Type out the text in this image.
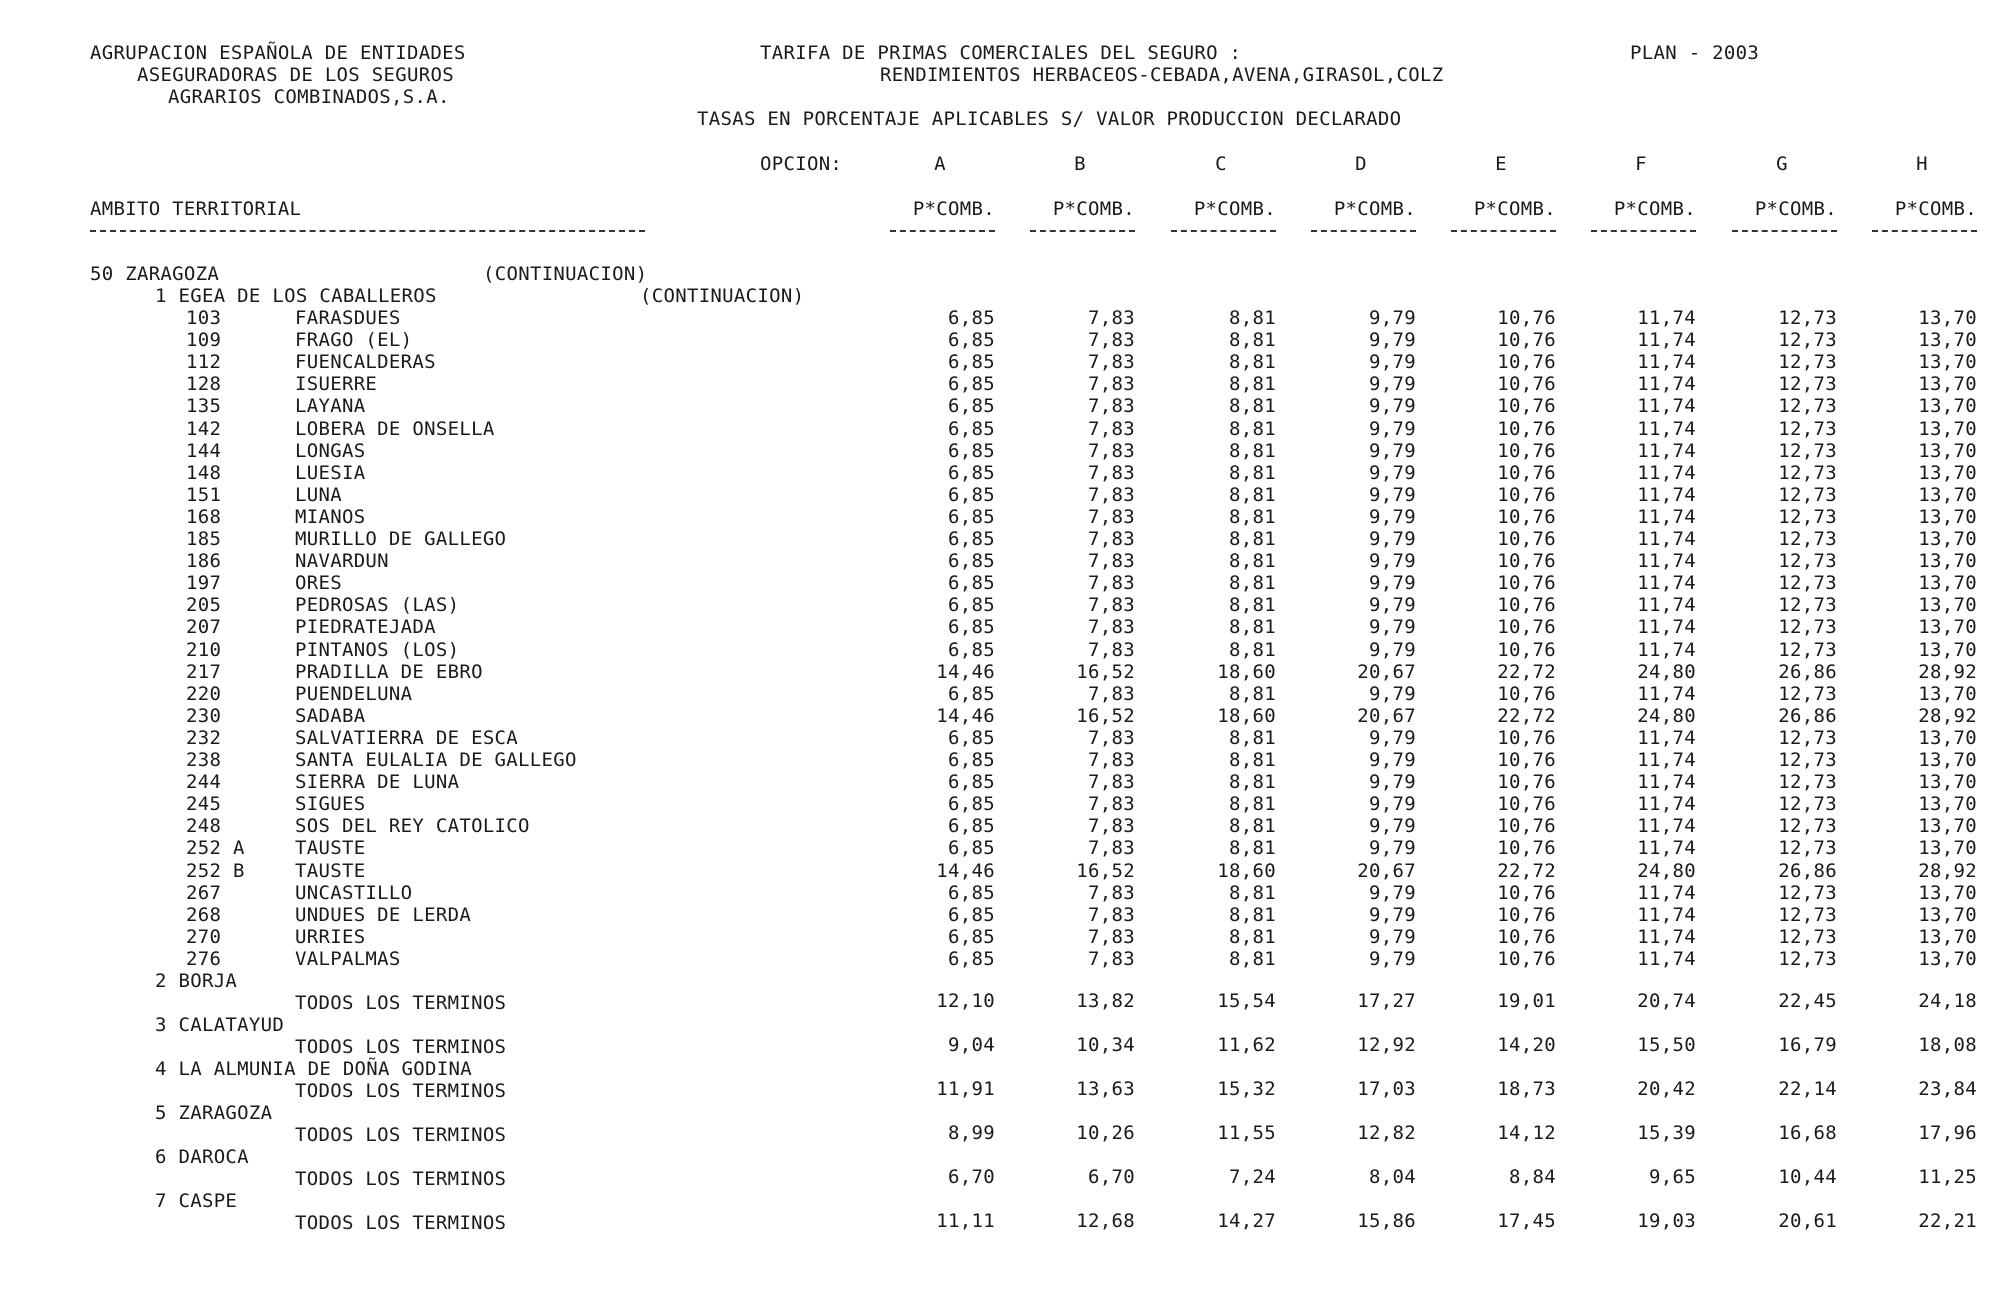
AGRUPACION ESPAÑOLA DE ENTIDADES
ASEGURADORAS DE LOS SEGUROS
AGRARIOS COMBINADOS,S.A.
TARIFA DE PRIMAS COMERCIALES DEL SEGURO :	PLAN - 2003
RENDIMIENTOS HERBACEOS-CEBADA,AVENA,GIRASOL,COLZ
TASAS EN PORCENTAJE APLICABLES S/ VALOR PRODUCCION DECLARADO
OPCION:	A	B	C	D	E	F	G	H
AMBITO TERRITORIAL	P*COMB.	P*COMB.	P*COMB.	P*COMB.	P*COMB.	P*COMB.	P*COMB.	P*COMB.
50 ZARAGOZA	(CONTINUACION)
1 EGEA DE LOS CABALLEROS	(CONTINUACION)
103	FARASDUES	6,85	7,83	8,81	9,79	10,76	11,74	12,73	13,70
109	FRAGO (EL)	6,85	7,83	8,81	9,79	10,76	11,74	12,73	13,70
112	FUENCALDERAS	6,85	7,83	8,81	9,79	10,76	11,74	12,73	13,70
128	ISUERRE	6,85	7,83	8,81	9,79	10,76	11,74	12,73	13,70
135	LAYANA	6,85	7,83	8,81	9,79	10,76	11,74	12,73	13,70
142	LOBERA DE ONSELLA	6,85	7,83	8,81	9,79	10,76	11,74	12,73	13,70
144	LONGAS	6,85	7,83	8,81	9,79	10,76	11,74	12,73	13,70
148	LUESIA	6,85	7,83	8,81	9,79	10,76	11,74	12,73	13,70
151	LUNA	6,85	7,83	8,81	9,79	10,76	11,74	12,73	13,70
168	MIANOS	6,85	7,83	8,81	9,79	10,76	11,74	12,73	13,70
185	MURILLO DE GALLEGO	6,85	7,83	8,81	9,79	10,76	11,74	12,73	13,70
186	NAVARDUN	6,85	7,83	8,81	9,79	10,76	11,74	12,73	13,70
197	ORES	6,85	7,83	8,81	9,79	10,76	11,74	12,73	13,70
205	PEDROSAS (LAS)	6,85	7,83	8,81	9,79	10,76	11,74	12,73	13,70
207	PIEDRATEJADA	6,85	7,83	8,81	9,79	10,76	11,74	12,73	13,70
210	PINTANOS (LOS)	6,85	7,83	8,81	9,79	10,76	11,74	12,73	13,70
217	PRADILLA DE EBRO	14,46	16,52	18,60	20,67	22,72	24,80	26,86	28,92
220	PUENDELUNA	6,85	7,83	8,81	9,79	10,76	11,74	12,73	13,70
230	SADABA	14,46	16,52	18,60	20,67	22,72	24,80	26,86	28,92
232	SALVATIERRA DE ESCA	6,85	7,83	8,81	9,79	10,76	11,74	12,73	13,70
238	SANTA EULALIA DE GALLEGO	6,85	7,83	8,81	9,79	10,76	11,74	12,73	13,70
244	SIERRA DE LUNA	6,85	7,83	8,81	9,79	10,76	11,74	12,73	13,70
245	SIGUES	6,85	7,83	8,81	9,79	10,76	11,74	12,73	13,70
248	SOS DEL REY CATOLICO	6,85	7,83	8,81	9,79	10,76	11,74	12,73	13,70
252 A	TAUSTE	6,85	7,83	8,81	9,79	10,76	11,74	12,73	13,70
252 B	TAUSTE	14,46	16,52	18,60	20,67	22,72	24,80	26,86	28,92
267	UNCASTILLO	6,85	7,83	8,81	9,79	10,76	11,74	12,73	13,70
268	UNDUES DE LERDA	6,85	7,83	8,81	9,79	10,76	11,74	12,73	13,70
270	URRIES	6,85	7,83	8,81	9,79	10,76	11,74	12,73	13,70
276	VALPALMAS	6,85	7,83	8,81	9,79	10,76	11,74	12,73	13,70
2 BORJA
TODOS LOS TERMINOS	12,10	13,82	15,54	17,27	19,01	20,74	22,45	24,18
3 CALATAYUD
TODOS LOS TERMINOS	9,04	10,34	11,62	12,92	14,20	15,50	16,79	18,08
4 LA ALMUNIA DE DOÑA GODINA
TODOS LOS TERMINOS	11,91	13,63	15,32	17,03	18,73	20,42	22,14	23,84
5 ZARAGOZA
TODOS LOS TERMINOS	8,99	10,26	11,55	12,82	14,12	15,39	16,68	17,96
6 DAROCA
TODOS LOS TERMINOS	6,70	6,70	7,24	8,04	8,84	9,65	10,44	11,25
7 CASPE
TODOS LOS TERMINOS	11,11	12,68	14,27	15,86	17,45	19,03	20,61	22,21
